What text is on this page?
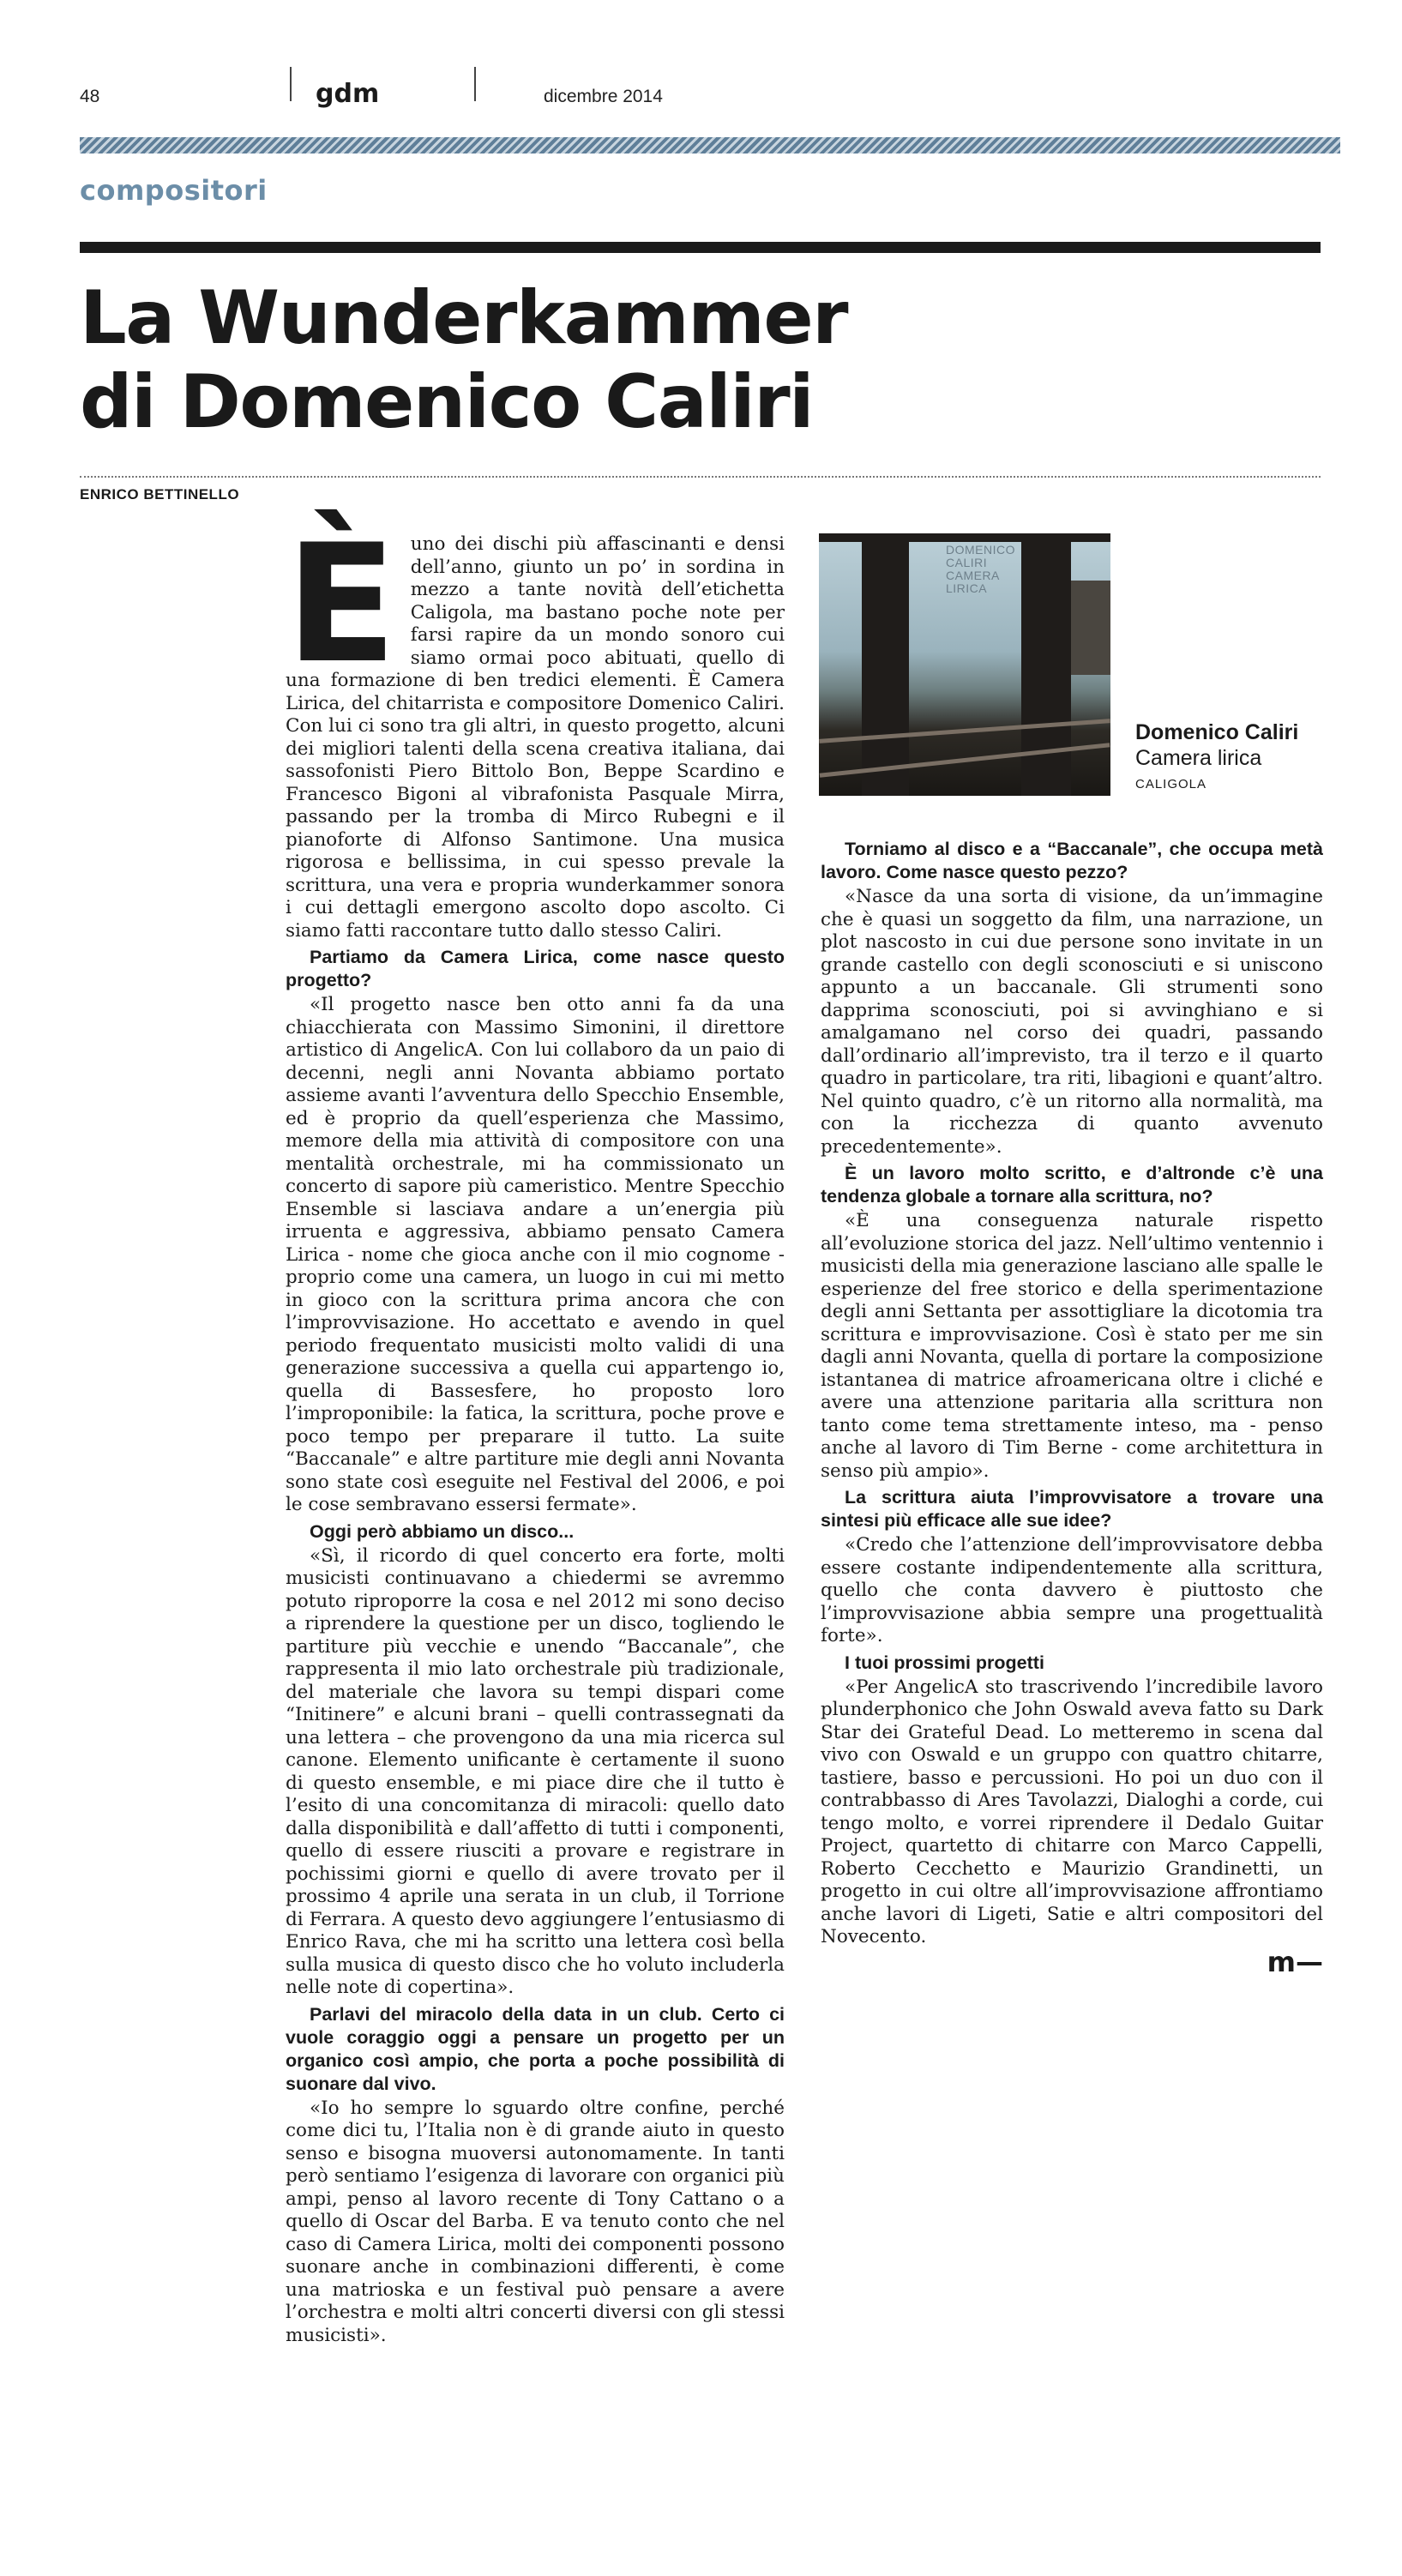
48	gdm	dicembre 2014
compositori
La Wunderkammer
di Domenico Caliri
ENRICO BETTINELLO
È uno dei dischi più affascinanti e densi dell’anno, giunto un po’ in sordina in mezzo a tante novità dell’etichetta Caligola, ma bastano poche note per farsi rapire da un mondo sonoro cui siamo ormai poco abituati, quello di una formazione di ben tredici elementi. È Camera Lirica, del chitarrista e compositore Domenico Caliri. Con lui ci sono tra gli altri, in questo progetto, alcuni dei migliori talenti della scena creativa italiana, dai sassofonisti Piero Bittolo Bon, Beppe Scardino e Francesco Bigoni al vibrafonista Pasquale Mirra, passando per la tromba di Mirco Rubegni e il pianoforte di Alfonso Santimone. Una musica rigorosa e bellissima, in cui spesso prevale la scrittura, una vera e propria wunderkammer sonora i cui dettagli emergono ascolto dopo ascolto. Ci siamo fatti raccontare tutto dallo stesso Caliri.

Partiamo da Camera Lirica, come nasce questo progetto?

«Il progetto nasce ben otto anni fa da una chiacchierata con Massimo Simonini, il direttore artistico di AngelicA. Con lui collaboro da un paio di decenni, negli anni Novanta abbiamo portato assieme avanti l’avventura dello Specchio Ensemble, ed è proprio da quell’esperienza che Massimo, memore della mia attività di compositore con una mentalità orchestrale, mi ha commissionato un concerto di sapore più cameristico. Mentre Specchio Ensemble si lasciava andare a un’energia più irruenta e aggressiva, abbiamo pensato Camera Lirica - nome che gioca anche con il mio cognome - proprio come una camera, un luogo in cui mi metto in gioco con la scrittura prima ancora che con l’improvvisazione. Ho accettato e avendo in quel periodo frequentato musicisti molto validi di una generazione successiva a quella cui appartengo io, quella di Bassesfere, ho proposto loro l’improponibile: la fatica, la scrittura, poche prove e poco tempo per preparare il tutto. La suite “Baccanale” e altre partiture mie degli anni Novanta sono state così eseguite nel Festival del 2006, e poi le cose sembravano essersi fermate».

Oggi però abbiamo un disco...

«Sì, il ricordo di quel concerto era forte, molti musicisti continuavano a chiedermi se avremmo potuto riproporre la cosa e nel 2012 mi sono deciso a riprendere la questione per un disco, togliendo le partiture più vecchie e unendo “Baccanale”, che rappresenta il mio lato orchestrale più tradizionale, del materiale che lavora su tempi dispari come “Initinere” e alcuni brani – quelli contrassegnati da una lettera – che provengono da una mia ricerca sul canone. Elemento unificante è certamente il suono di questo ensemble, e mi piace dire che il tutto è l’esito di una concomitanza di miracoli: quello dato dalla disponibilità e dall’affetto di tutti i componenti, quello di essere riusciti a provare e registrare in pochissimi giorni e quello di avere trovato per il prossimo 4 aprile una serata in un club, il Torrione di Ferrara. A questo devo aggiungere l’entusiasmo di Enrico Rava, che mi ha scritto una lettera così bella sulla musica di questo disco che ho voluto includerla nelle note di copertina».

Parlavi del miracolo della data in un club. Certo ci vuole coraggio oggi a pensare un progetto per un organico così ampio, che porta a poche possibilità di suonare dal vivo.

«Io ho sempre lo sguardo oltre confine, perché come dici tu, l’Italia non è di grande aiuto in questo senso e bisogna muoversi autonomamente. In tanti però sentiamo l’esigenza di lavorare con organici più ampi, penso al lavoro recente di Tony Cattano o a quello di Oscar del Barba. E va tenuto conto che nel caso di Camera Lirica, molti dei componenti possono suonare anche in combinazioni differenti, è come una matrioska e un festival può pensare a avere l’orchestra e molti altri concerti diversi con gli stessi musicisti».

DOMENICO CALIRI CAMERA LIRICA
Domenico Caliri
Camera lirica
CALIGOLA
Torniamo al disco e a “Baccanale”, che occupa metà lavoro. Come nasce questo pezzo?

«Nasce da una sorta di visione, da un’immagine che è quasi un soggetto da film, una narrazione, un plot nascosto in cui due persone sono invitate in un grande castello con degli sconosciuti e si uniscono appunto a un baccanale. Gli strumenti sono dapprima sconosciuti, poi si avvinghiano e si amalgamano nel corso dei quadri, passando dall’ordinario all’imprevisto, tra il terzo e il quarto quadro in particolare, tra riti, libagioni e quant’altro. Nel quinto quadro, c’è un ritorno alla normalità, ma con la ricchezza di quanto avvenuto precedentemente».

È un lavoro molto scritto, e d’altronde c’è una tendenza globale a tornare alla scrittura, no?

«È una conseguenza naturale rispetto all’evoluzione storica del jazz. Nell’ultimo ventennio i musicisti della mia generazione lasciano alle spalle le esperienze del free storico e della sperimentazione degli anni Settanta per assottigliare la dicotomia tra scrittura e improvvisazione. Così è stato per me sin dagli anni Novanta, quella di portare la composizione istantanea di matrice afroamericana oltre i cliché e avere una attenzione paritaria alla scrittura non tanto come tema strettamente inteso, ma - penso anche al lavoro di Tim Berne - come architettura in senso più ampio».

La scrittura aiuta l’improvvisatore a trovare una sintesi più efficace alle sue idee?

«Credo che l’attenzione dell’improvvisatore debba essere costante indipendentemente alla scrittura, quello che conta davvero è piuttosto che l’improvvisazione abbia sempre una progettualità forte».

I tuoi prossimi progetti

«Per AngelicA sto trascrivendo l’incredibile lavoro plunderphonico che John Oswald aveva fatto su Dark Star dei Grateful Dead. Lo metteremo in scena dal vivo con Oswald e un gruppo con quattro chitarre, tastiere, basso e percussioni. Ho poi un duo con il contrabbasso di Ares Tavolazzi, Dialoghi a corde, cui tengo molto, e vorrei riprendere il Dedalo Guitar Project, quartetto di chitarre con Marco Cappelli, Roberto Cecchetto e Maurizio Grandinetti, un progetto in cui oltre all’improvvisazione affrontiamo anche lavori di Ligeti, Satie e altri compositori del Novecento.

m—
